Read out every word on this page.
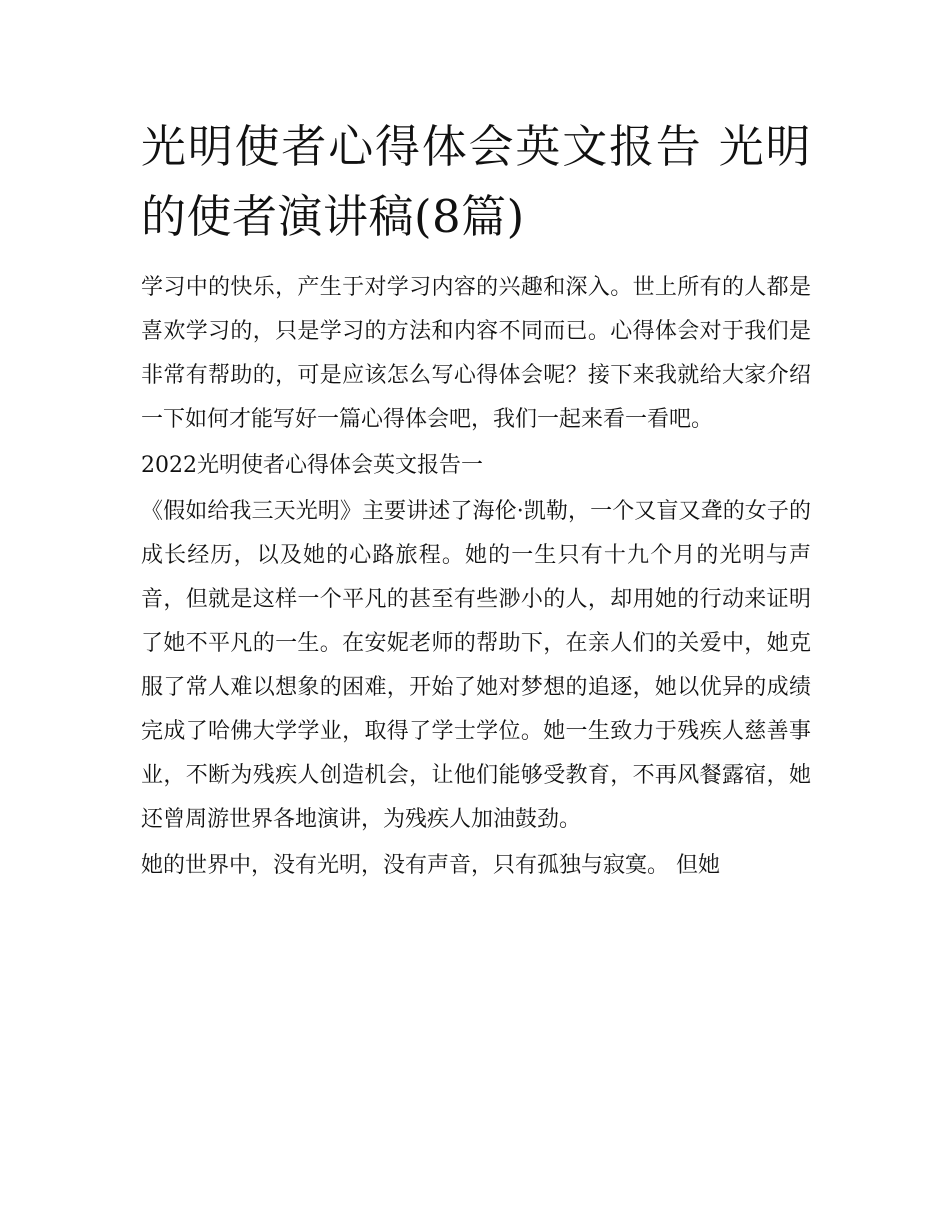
光明使者心得体会英文报告 光明的使者演讲稿(8篇)

学习中的快乐，产生于对学习内容的兴趣和深入。世上所有的人都是喜欢学习的，只是学习的方法和内容不同而已。心得体会对于我们是非常有帮助的，可是应该怎么写心得体会呢？接下来我就给大家介绍一下如何才能写好一篇心得体会吧，我们一起来看一看吧。

2022光明使者心得体会英文报告一

《假如给我三天光明》主要讲述了海伦·凯勒，一个又盲又聋的女子的成长经历，以及她的心路旅程。她的一生只有十九个月的光明与声音，但就是这样一个平凡的甚至有些渺小的人，却用她的行动来证明了她不平凡的一生。在安妮老师的帮助下，在亲人们的关爱中，她克服了常人难以想象的困难，开始了她对梦想的追逐，她以优异的成绩完成了哈佛大学学业，取得了学士学位。她一生致力于残疾人慈善事业，不断为残疾人创造机会，让他们能够受教育，不再风餐露宿，她还曾周游世界各地演讲，为残疾人加油鼓劲。

她的世界中，没有光明，没有声音，只有孤独与寂寞。 但她
